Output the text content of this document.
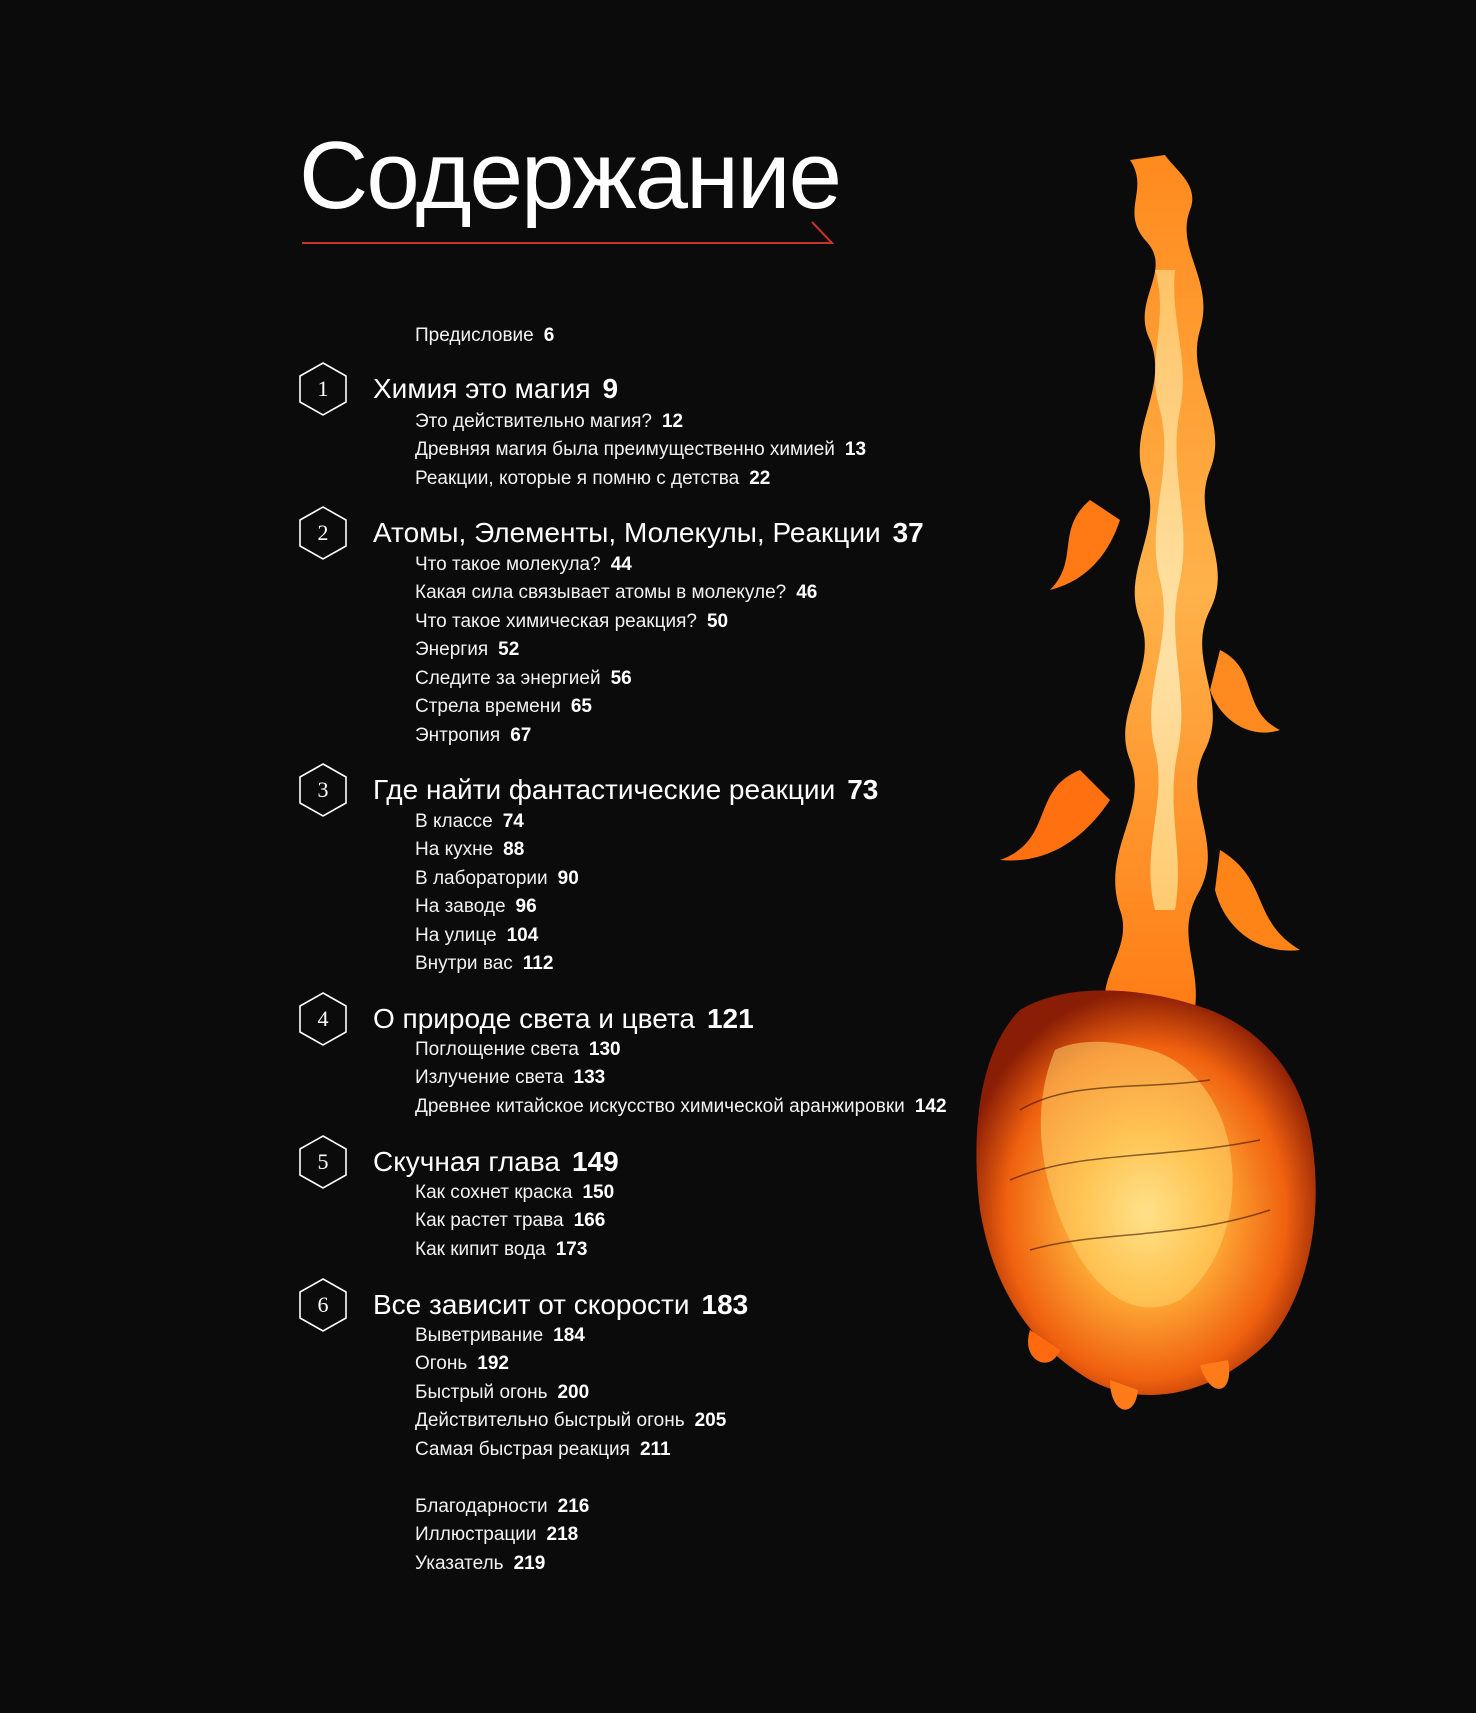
Содержание
Предисловие 6
1	Химия это магия 9
Это действительно магия? 12
Древняя магия была преимущественно химией 13
Реакции, которые я помню с детства 22
2	Атомы, Элементы, Молекулы, Реакции 37
Что такое молекула? 44
Какая сила связывает атомы в молекуле? 46
Что такое химическая реакция? 50
Энергия 52
Следите за энергией 56
Стрела времени 65
Энтропия 67
3	Где найти фантастические реакции 73
В классе 74
На кухне 88
В лаборатории 90
На заводе 96
На улице 104
Внутри вас 112
4	О природе света и цвета 121
Поглощение света 130
Излучение света 133
Древнее китайское искусство химической аранжировки 142
5	Скучная глава 149
Как сохнет краска 150
Как растет трава 166
Как кипит вода 173
6	Все зависит от скорости 183
Выветривание 184
Огонь 192
Быстрый огонь 200
Действительно быстрый огонь 205
Самая быстрая реакция 211
Благодарности 216
Иллюстрации 218
Указатель 219
